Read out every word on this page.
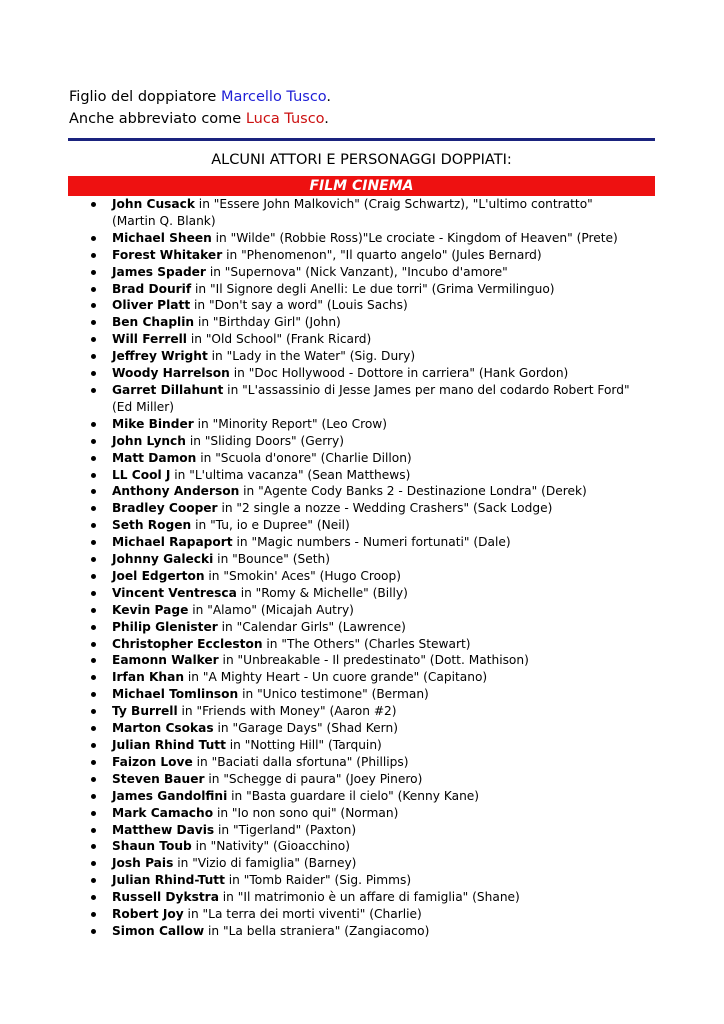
Figlio del doppiatore Marcello Tusco.
Anche abbreviato come Luca Tusco.
ALCUNI ATTORI E PERSONAGGI DOPPIATI:
FILM CINEMA
John Cusack in "Essere John Malkovich" (Craig Schwartz), "L'ultimo contratto" (Martin Q. Blank)
Michael Sheen in "Wilde" (Robbie Ross)"Le crociate - Kingdom of Heaven" (Prete)
Forest Whitaker in "Phenomenon", "Il quarto angelo" (Jules Bernard)
James Spader in "Supernova" (Nick Vanzant), "Incubo d'amore"
Brad Dourif in "Il Signore degli Anelli: Le due torri" (Grima Vermilinguo)
Oliver Platt in "Don't say a word" (Louis Sachs)
Ben Chaplin in "Birthday Girl" (John)
Will Ferrell in "Old School" (Frank Ricard)
Jeffrey Wright in "Lady in the Water" (Sig. Dury)
Woody Harrelson in "Doc Hollywood - Dottore in carriera" (Hank Gordon)
Garret Dillahunt in "L'assassinio di Jesse James per mano del codardo Robert Ford" (Ed Miller)
Mike Binder in "Minority Report" (Leo Crow)
John Lynch in "Sliding Doors" (Gerry)
Matt Damon in "Scuola d'onore" (Charlie Dillon)
LL Cool J in "L'ultima vacanza" (Sean Matthews)
Anthony Anderson in "Agente Cody Banks 2 - Destinazione Londra" (Derek)
Bradley Cooper in "2 single a nozze - Wedding Crashers" (Sack Lodge)
Seth Rogen in "Tu, io e Dupree" (Neil)
Michael Rapaport in "Magic numbers - Numeri fortunati" (Dale)
Johnny Galecki in "Bounce" (Seth)
Joel Edgerton in "Smokin' Aces" (Hugo Croop)
Vincent Ventresca in "Romy & Michelle" (Billy)
Kevin Page in "Alamo" (Micajah Autry)
Philip Glenister in "Calendar Girls" (Lawrence)
Christopher Eccleston in "The Others" (Charles Stewart)
Eamonn Walker in "Unbreakable - Il predestinato" (Dott. Mathison)
Irfan Khan in "A Mighty Heart - Un cuore grande" (Capitano)
Michael Tomlinson in "Unico testimone" (Berman)
Ty Burrell in "Friends with Money" (Aaron #2)
Marton Csokas in "Garage Days" (Shad Kern)
Julian Rhind Tutt in "Notting Hill" (Tarquin)
Faizon Love in "Baciati dalla sfortuna" (Phillips)
Steven Bauer in "Schegge di paura" (Joey Pinero)
James Gandolfini in "Basta guardare il cielo" (Kenny Kane)
Mark Camacho in "Io non sono qui" (Norman)
Matthew Davis in "Tigerland" (Paxton)
Shaun Toub in "Nativity" (Gioacchino)
Josh Pais in "Vizio di famiglia" (Barney)
Julian Rhind-Tutt in "Tomb Raider" (Sig. Pimms)
Russell Dykstra in "Il matrimonio è un affare di famiglia" (Shane)
Robert Joy in "La terra dei morti viventi" (Charlie)
Simon Callow in "La bella straniera" (Zangiacomo)
